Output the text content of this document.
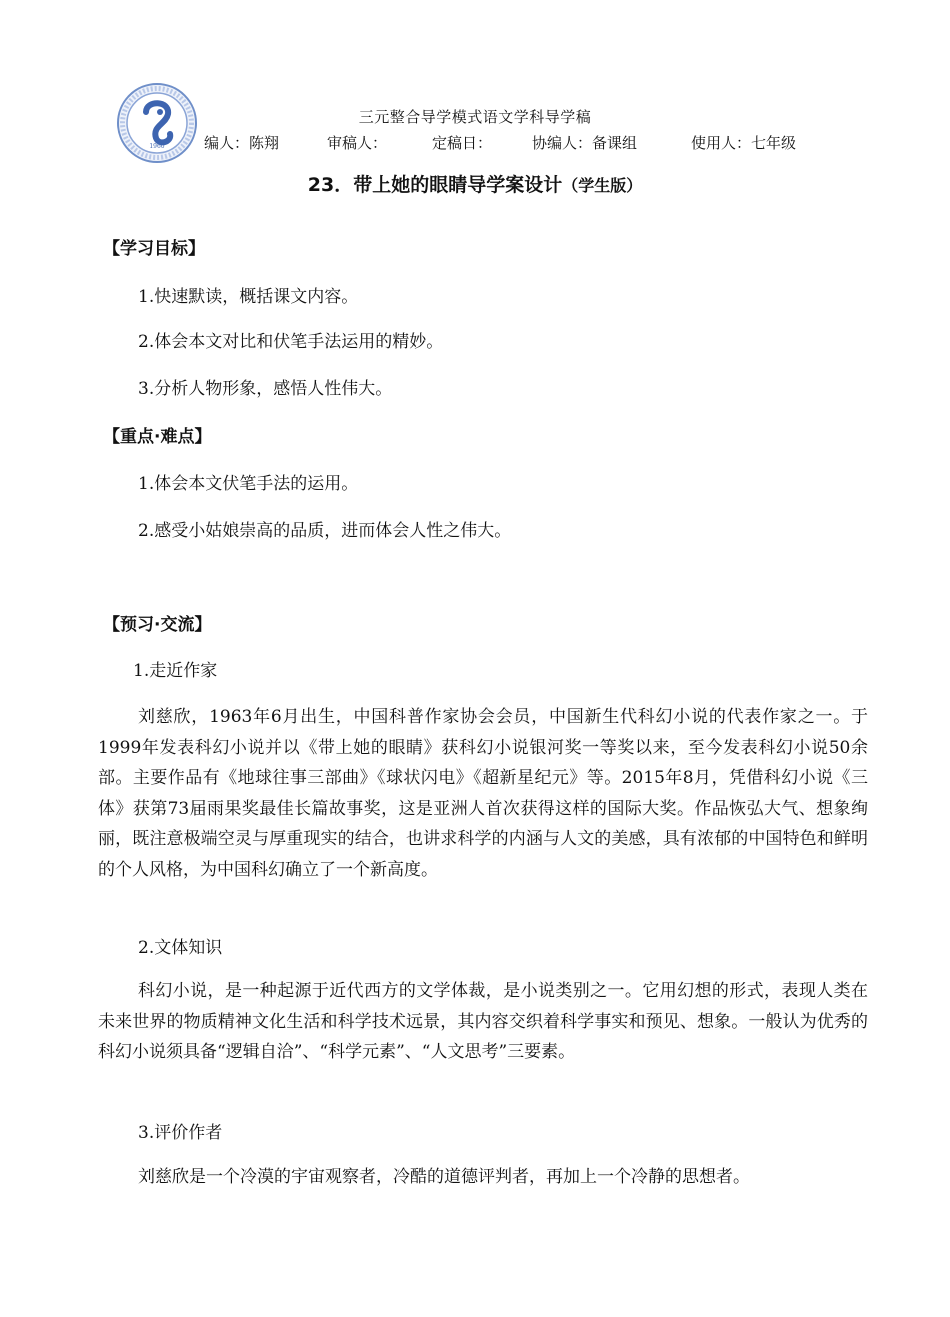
1960
三元整合导学模式语文学科导学稿
编人：陈翔	审稿人：	定稿日：	协编人：备课组	使用人：七年级
23．带上她的眼睛导学案设计（学生版）
【学习目标】
1.快速默读，概括课文内容。
2.体会本文对比和伏笔手法运用的精妙。
3.分析人物形象，感悟人性伟大。
【重点·难点】
1.体会本文伏笔手法的运用。
2.感受小姑娘崇高的品质，进而体会人性之伟大。
【预习·交流】
1.走近作家
刘慈欣，1963年6月出生，中国科普作家协会会员，中国新生代科幻小说的代表作家之一。于1999年发表科幻小说并以《带上她的眼睛》获科幻小说银河奖一等奖以来，至今发表科幻小说50余部。主要作品有《地球往事三部曲》《球状闪电》《超新星纪元》等。2015年8月，凭借科幻小说《三体》获第73届雨果奖最佳长篇故事奖，这是亚洲人首次获得这样的国际大奖。作品恢弘大气、想象绚丽，既注意极端空灵与厚重现实的结合，也讲求科学的内涵与人文的美感，具有浓郁的中国特色和鲜明的个人风格，为中国科幻确立了一个新高度。
2.文体知识
科幻小说，是一种起源于近代西方的文学体裁，是小说类别之一。它用幻想的形式，表现人类在未来世界的物质精神文化生活和科学技术远景，其内容交织着科学事实和预见、想象。一般认为优秀的科幻小说须具备“逻辑自洽”、“科学元素”、“人文思考”三要素。
3.评价作者
刘慈欣是一个冷漠的宇宙观察者，冷酷的道德评判者，再加上一个冷静的思想者。
